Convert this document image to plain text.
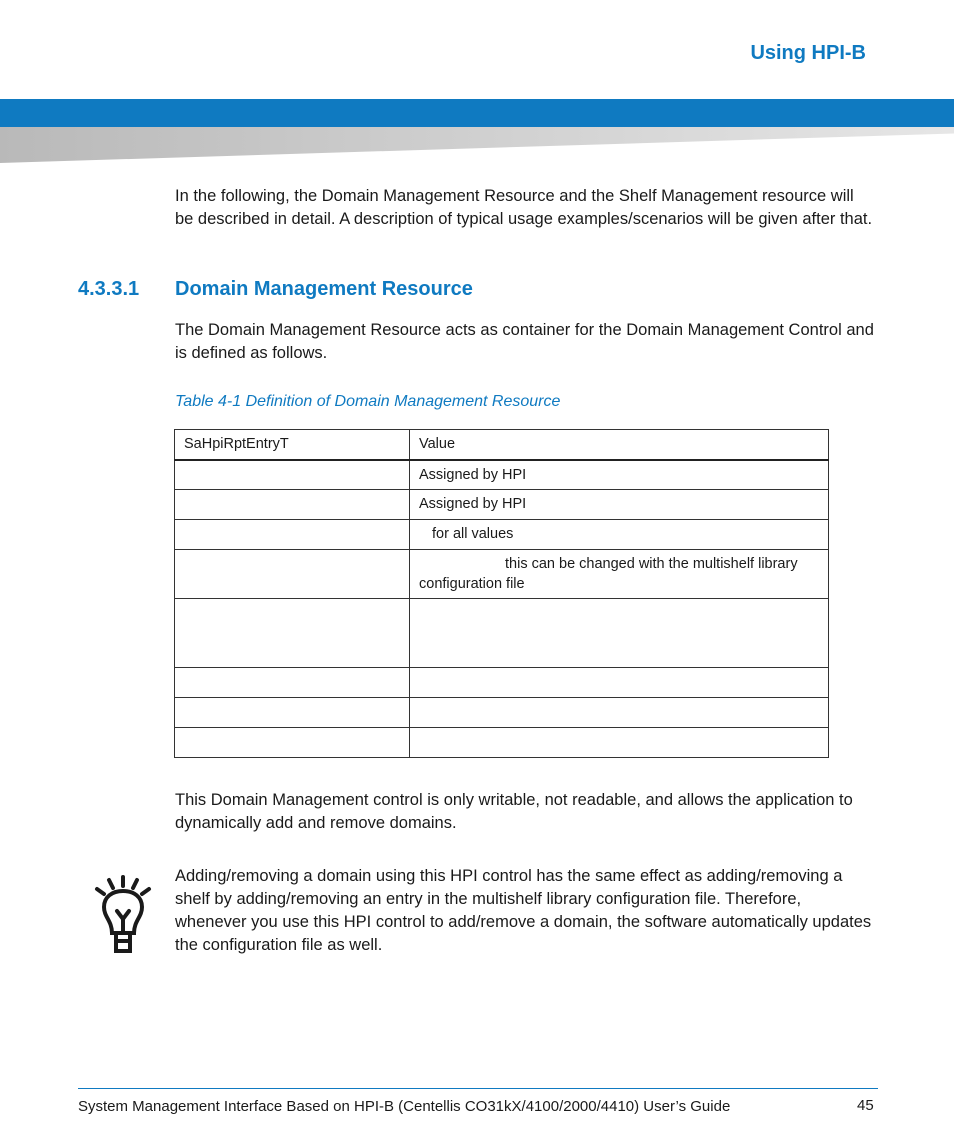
Using HPI-B

In the following, the Domain Management Resource and the Shelf Management resource will be described in detail. A description of typical usage examples/scenarios will be given after that.

4.3.3.1 Domain Management Resource

The Domain Management Resource acts as container for the Domain Management Control and is defined as follows.

Table 4-1 Definition of Domain Management Resource
SaHpiRptEntryT	Value
	Assigned by HPI
	Assigned by HPI
	for all values
	this can be changed with the multishelf library configuration file

This Domain Management control is only writable, not readable, and allows the application to dynamically add and remove domains.

Adding/removing a domain using this HPI control has the same effect as adding/removing a shelf by adding/removing an entry in the multishelf library configuration file. Therefore, whenever you use this HPI control to add/remove a domain, the software automatically updates the configuration file as well.

System Management Interface Based on HPI-B (Centellis CO31kX/4100/2000/4410) User’s Guide	45
